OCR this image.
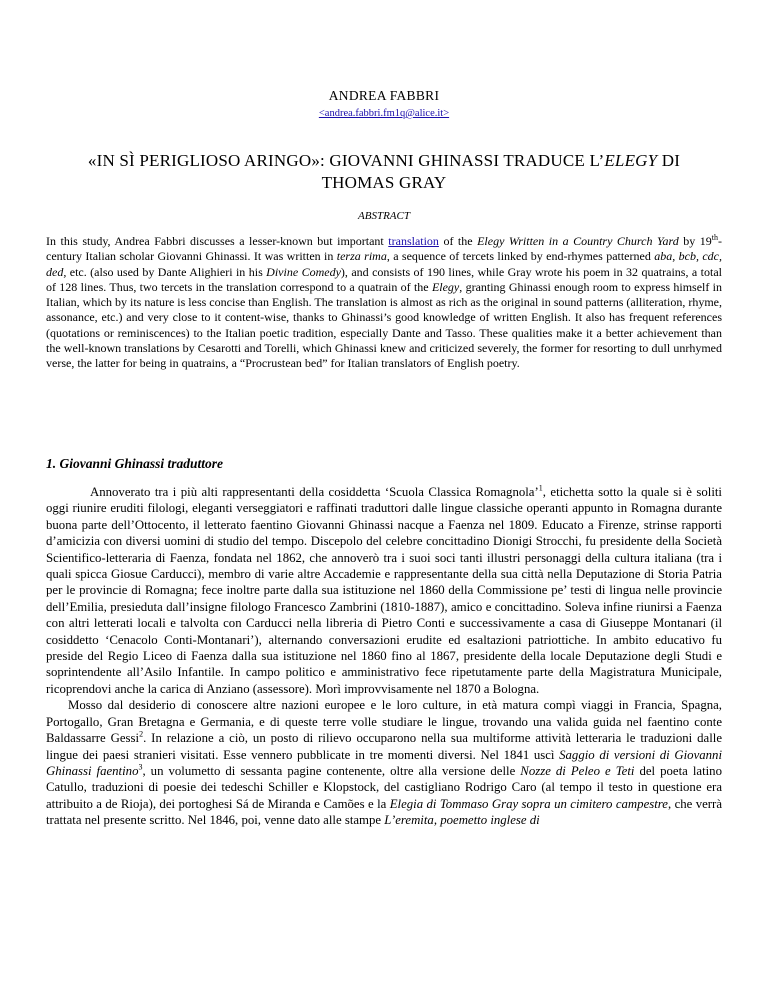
ANDREA FABBRI
<andrea.fabbri.fm1q@alice.it>
«IN SÌ PERIGLIOSO ARINGO»: GIOVANNI GHINASSI TRADUCE L’ELEGY DI
THOMAS GRAY
ABSTRACT
In this study, Andrea Fabbri discusses a lesser-known but important translation of the Elegy Written in a Country Church Yard by 19th-century Italian scholar Giovanni Ghinassi. It was written in terza rima, a sequence of tercets linked by end-rhymes patterned aba, bcb, cdc, ded, etc. (also used by Dante Alighieri in his Divine Comedy), and consists of 190 lines, while Gray wrote his poem in 32 quatrains, a total of 128 lines. Thus, two tercets in the translation correspond to a quatrain of the Elegy, granting Ghinassi enough room to express himself in Italian, which by its nature is less concise than English. The translation is almost as rich as the original in sound patterns (alliteration, rhyme, assonance, etc.) and very close to it content-wise, thanks to Ghinassi’s good knowledge of written English. It also has frequent references (quotations or reminiscences) to the Italian poetic tradition, especially Dante and Tasso. These qualities make it a better achievement than the well-known translations by Cesarotti and Torelli, which Ghinassi knew and criticized severely, the former for resorting to dull unrhymed verse, the latter for being in quatrains, a “Procrustean bed” for Italian translators of English poetry.
1. Giovanni Ghinassi traduttore

Annoverato tra i più alti rappresentanti della cosiddetta ‘Scuola Classica Romagnola’$^1$, etichetta sotto la quale si è soliti oggi riunire eruditi filologi, eleganti verseggiatori e raffinati traduttori dalle lingue classiche operanti appunto in Romagna durante buona parte dell’Ottocento, il letterato faentino Giovanni Ghinassi nacque a Faenza nel 1809. Educato a Firenze, strinse rapporti d’amicizia con diversi uomini di studio del tempo. Discepolo del celebre concittadino Dionigi Strocchi, fu presidente della Società Scientifico-letteraria di Faenza, fondata nel 1862, che annoverò tra i suoi soci tanti illustri personaggi della cultura italiana (tra i quali spicca Giosue Carducci), membro di varie altre Accademie e rappresentante della sua città nella Deputazione di Storia Patria per le provincie di Romagna; fece inoltre parte dalla sua istituzione nel 1860 della Commissione pe’ testi di lingua nelle provincie dell’Emilia, presieduta dall’insigne filologo Francesco Zambrini (1810-1887), amico e concittadino. Soleva infine riunirsi a Faenza con altri letterati locali e talvolta con Carducci nella libreria di Pietro Conti e successivamente a casa di Giuseppe Montanari (il cosiddetto ‘Cenacolo Conti-Montanari’), alternando conversazioni erudite ed esaltazioni patriottiche. In ambito educativo fu preside del Regio Liceo di Faenza dalla sua istituzione nel 1860 fino al 1867, presidente della locale Deputazione degli Studi e soprintendente all’Asilo Infantile. In campo politico e amministrativo fece ripetutamente parte della Magistratura Municipale, ricoprendovi anche la carica di Anziano (assessore). Morì improvvisamente nel 1870 a Bologna.

Mosso dal desiderio di conoscere altre nazioni europee e le loro culture, in età matura compì viaggi in Francia, Spagna, Portogallo, Gran Bretagna e Germania, e di queste terre volle studiare le lingue, trovando una valida guida nel faentino conte Baldassarre Gessi$^2$. In relazione a ciò, un posto di rilievo occuparono nella sua multiforme attività letteraria le traduzioni dalle lingue dei paesi stranieri visitati. Esse vennero pubblicate in tre momenti diversi. Nel 1841 uscì Saggio di versioni di Giovanni Ghinassi faentino$^3$, un volumetto di sessanta pagine contenente, oltre alla versione delle Nozze di Peleo e Teti del poeta latino Catullo, traduzioni di poesie dei tedeschi Schiller e Klopstock, del castigliano Rodrigo Caro (al tempo il testo in questione era attribuito a de Rioja), dei portoghesi Sá de Miranda e Camões e la Elegia di Tommaso Gray sopra un cimitero campestre, che verrà trattata nel presente scritto. Nel 1846, poi, venne dato alle stampe L’eremita, poemetto inglese di
